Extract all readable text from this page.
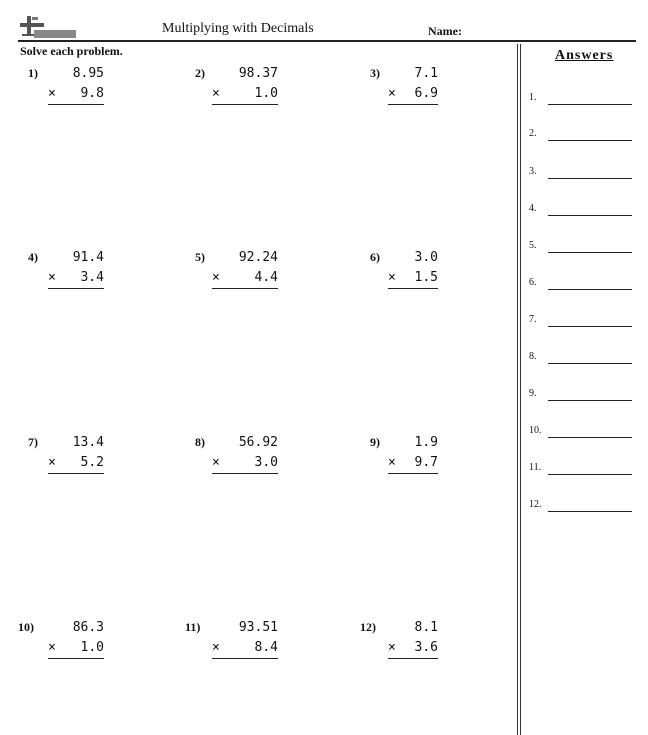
Multiplying with Decimals	Name:
Solve each problem.	Answers
1.
2.
3.
4.
5.
6.
7.
8.
9.
10.
11.
12.
1)	8.95
× 9.8
2)	98.37
×	1.0
3)	7.1
× 6.9
4)	91.4
× 3.4
5)	92.24
×	4.4
6)	3.0
× 1.5
7)	13.4
× 5.2
8)	56.92
×	3.0
9)	1.9
× 9.7
10)	86.3
× 1.0
11)	93.51
×	8.4
12)	8.1
× 3.6
